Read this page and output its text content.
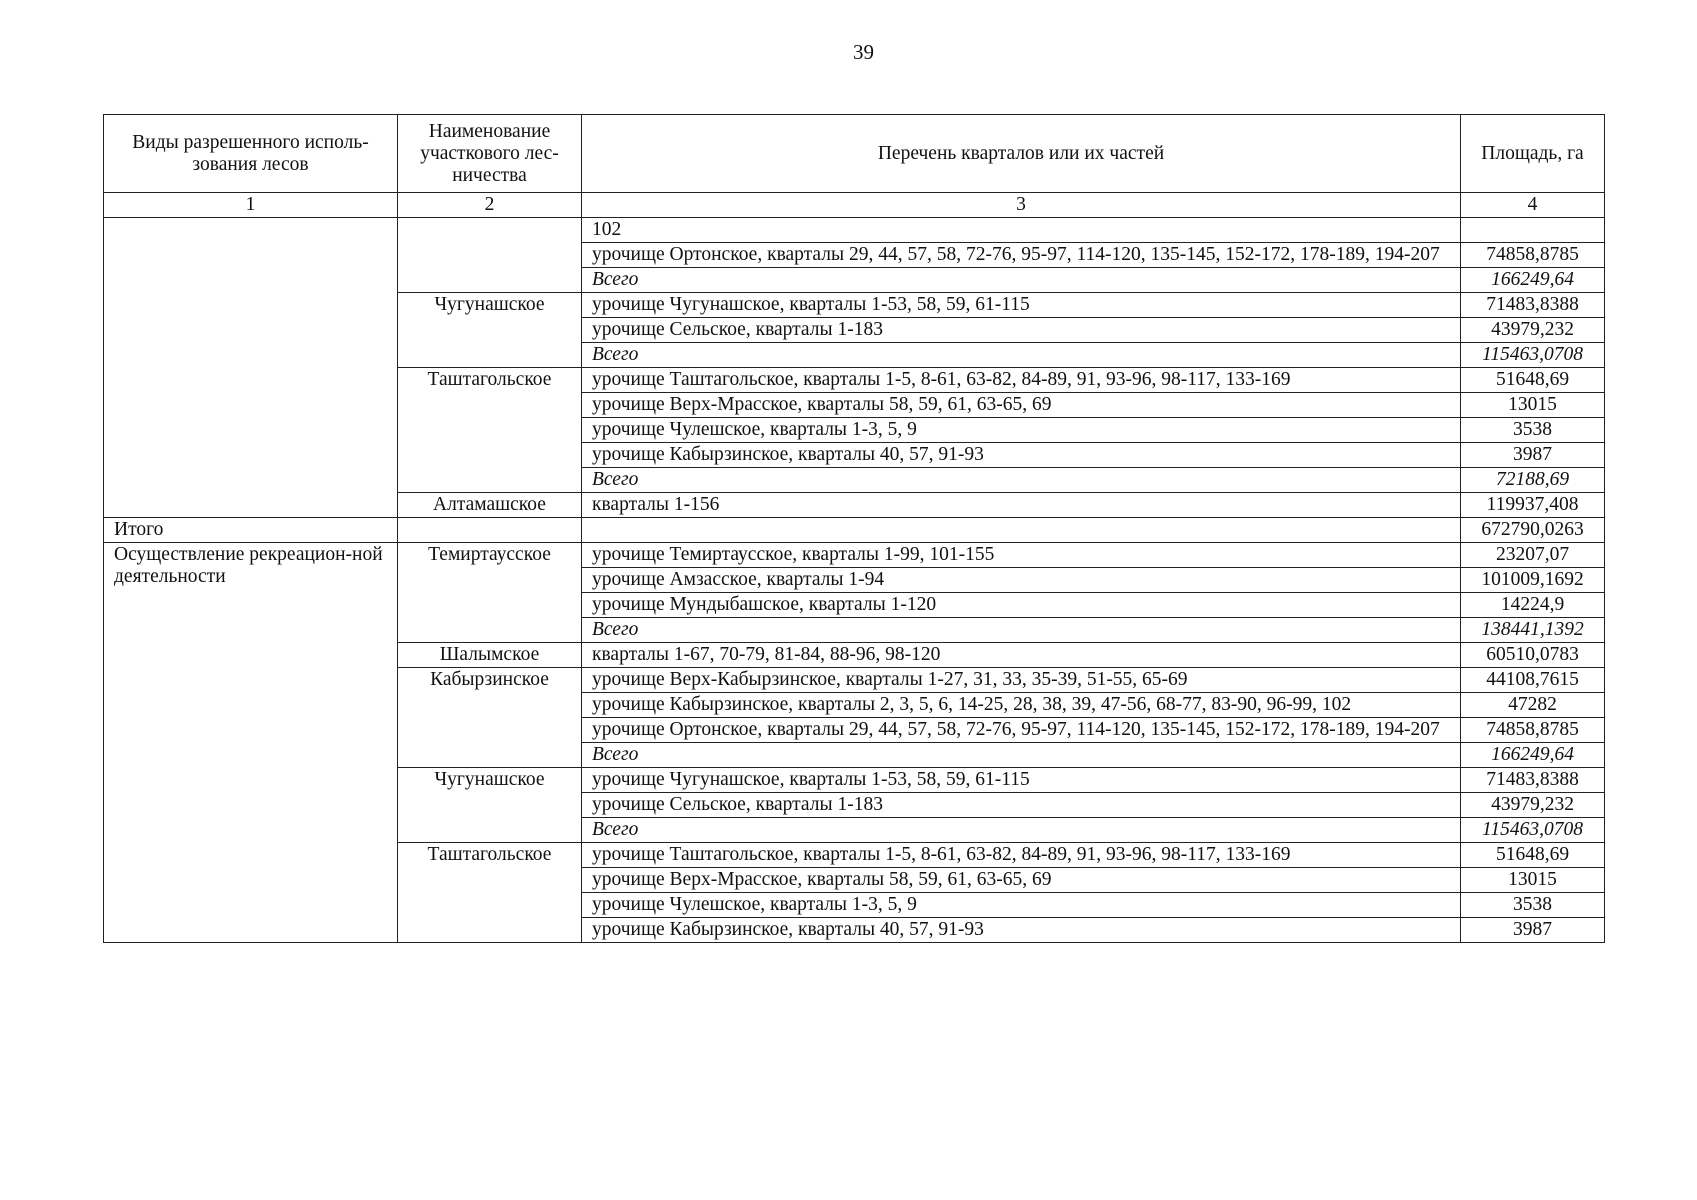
39
Виды разрешенного исполь-зования лесов	Наименование участкового лес-ничества	Перечень кварталов или их частей	Площадь, га
1	2	3	4
		102	
		урочище Ортонское, кварталы 29, 44, 57, 58, 72-76, 95-97, 114-120, 135-145, 152-172, 178-189, 194-207	74858,8785
		Всего	166249,64
	Чугунашское	урочище Чугунашское, кварталы 1-53, 58, 59, 61-115	71483,8388
		урочище Сельское, кварталы 1-183	43979,232
		Всего	115463,0708
	Таштагольское	урочище Таштагольское, кварталы 1-5, 8-61, 63-82, 84-89, 91, 93-96, 98-117, 133-169	51648,69
		урочище Верх-Мрасское, кварталы 58, 59, 61, 63-65, 69	13015
		урочище Чулешское, кварталы 1-3, 5, 9	3538
		урочище Кабырзинское, кварталы 40, 57, 91-93	3987
		Всего	72188,69
	Алтамашское	кварталы 1-156	119937,408
Итого			672790,0263
Осуществление рекреацион-ной деятельности	Темиртаусское	урочище Темиртаусское, кварталы 1-99, 101-155	23207,07
		урочище Амзасское, кварталы 1-94	101009,1692
		урочище Мундыбашское, кварталы 1-120	14224,9
		Всего	138441,1392
	Шалымское	кварталы 1-67, 70-79, 81-84, 88-96, 98-120	60510,0783
	Кабырзинское	урочище Верх-Кабырзинское, кварталы 1-27, 31, 33, 35-39, 51-55, 65-69	44108,7615
		урочище Кабырзинское, кварталы 2, 3, 5, 6, 14-25, 28, 38, 39, 47-56, 68-77, 83-90, 96-99, 102	47282
		урочище Ортонское, кварталы 29, 44, 57, 58, 72-76, 95-97, 114-120, 135-145, 152-172, 178-189, 194-207	74858,8785
		Всего	166249,64
	Чугунашское	урочище Чугунашское, кварталы 1-53, 58, 59, 61-115	71483,8388
		урочище Сельское, кварталы 1-183	43979,232
		Всего	115463,0708
	Таштагольское	урочище Таштагольское, кварталы 1-5, 8-61, 63-82, 84-89, 91, 93-96, 98-117, 133-169	51648,69
		урочище Верх-Мрасское, кварталы 58, 59, 61, 63-65, 69	13015
		урочище Чулешское, кварталы 1-3, 5, 9	3538
		урочище Кабырзинское, кварталы 40, 57, 91-93	3987
